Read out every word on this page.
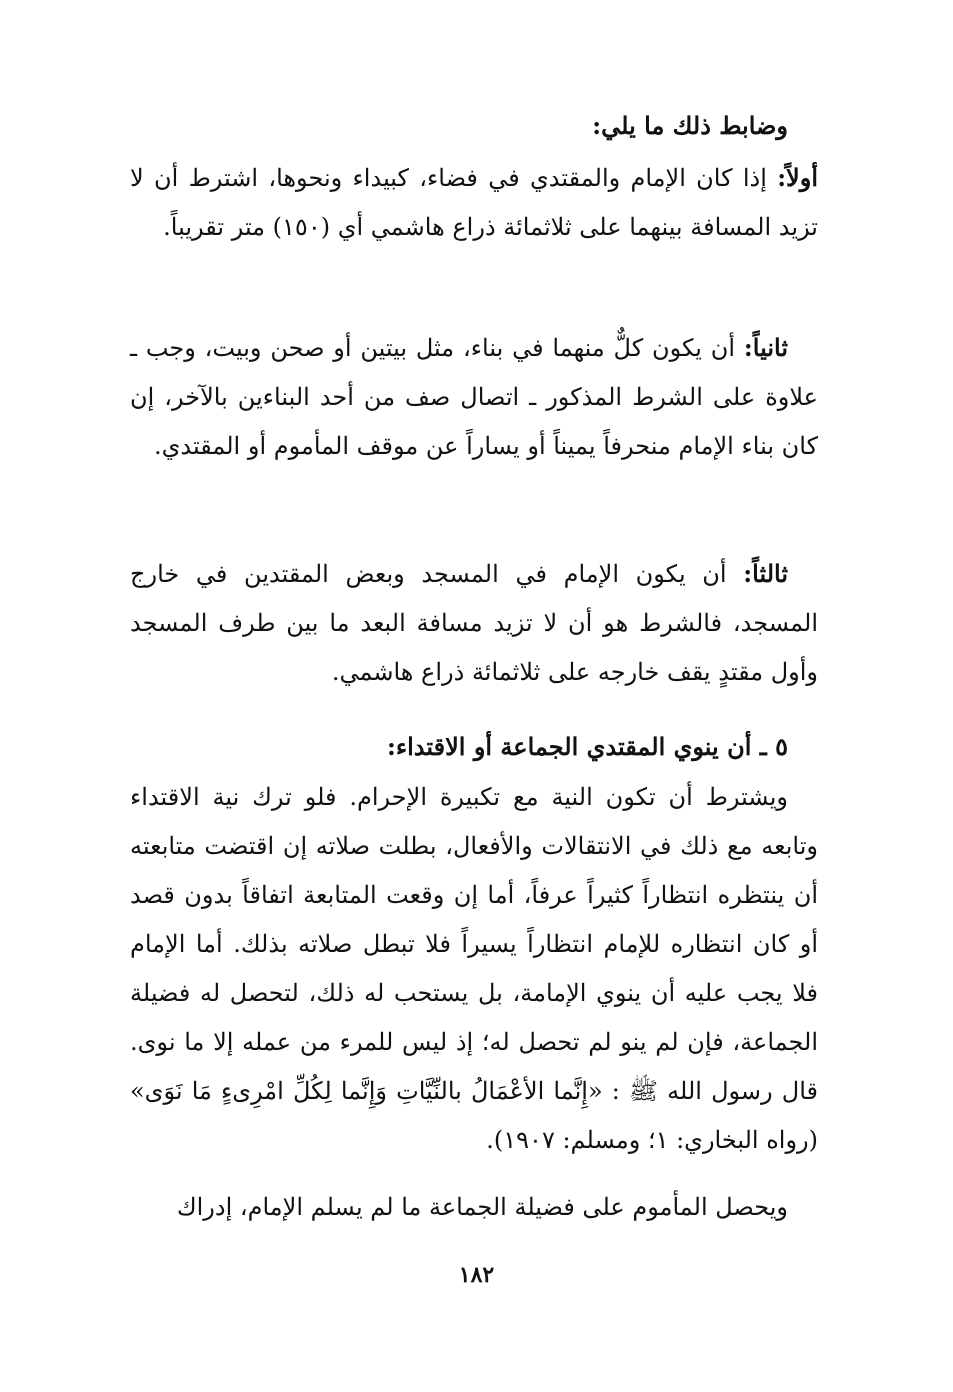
وضابط ذلك ما يلي:
أولاً: إذا كان الإمام والمقتدي في فضاء، كبيداء ونحوها، اشترط أن لا تزيد المسافة بينهما على ثلاثمائة ذراع هاشمي أي (١٥٠) متر تقريباً.
ثانياً: أن يكون كلٌّ منهما في بناء، مثل بيتين أو صحن وبيت، وجب ـ علاوة على الشرط المذكور ـ اتصال صف من أحد البناءين بالآخر، إن كان بناء الإمام منحرفاً يميناً أو يساراً عن موقف المأموم أو المقتدي.
ثالثاً: أن يكون الإمام في المسجد وبعض المقتدين في خارج المسجد، فالشرط هو أن لا تزيد مسافة البعد ما بين طرف المسجد وأول مقتدٍ يقف خارجه على ثلاثمائة ذراع هاشمي.
٥ ـ أن ينوي المقتدي الجماعة أو الاقتداء:
ويشترط أن تكون النية مع تكبيرة الإحرام. فلو ترك نية الاقتداء وتابعه مع ذلك في الانتقالات والأفعال، بطلت صلاته إن اقتضت متابعته أن ينتظره انتظاراً كثيراً عرفاً، أما إن وقعت المتابعة اتفاقاً بدون قصد أو كان انتظاره للإمام انتظاراً يسيراً فلا تبطل صلاته بذلك. أما الإمام فلا يجب عليه أن ينوي الإمامة، بل يستحب له ذلك، لتحصل له فضيلة الجماعة، فإن لم ينو لم تحصل له؛ إذ ليس للمرء من عمله إلا ما نوى. قال رسول الله ﷺ : «إِنَّما الأعْمَالُ بالنِّيَّاتِ وَإِنَّما لِكُلِّ امْرِىءٍ مَا نَوَى» (رواه البخاري: ١؛ ومسلم: ١٩٠٧).
ويحصل المأموم على فضيلة الجماعة ما لم يسلم الإمام، إدراك
١٨٢
